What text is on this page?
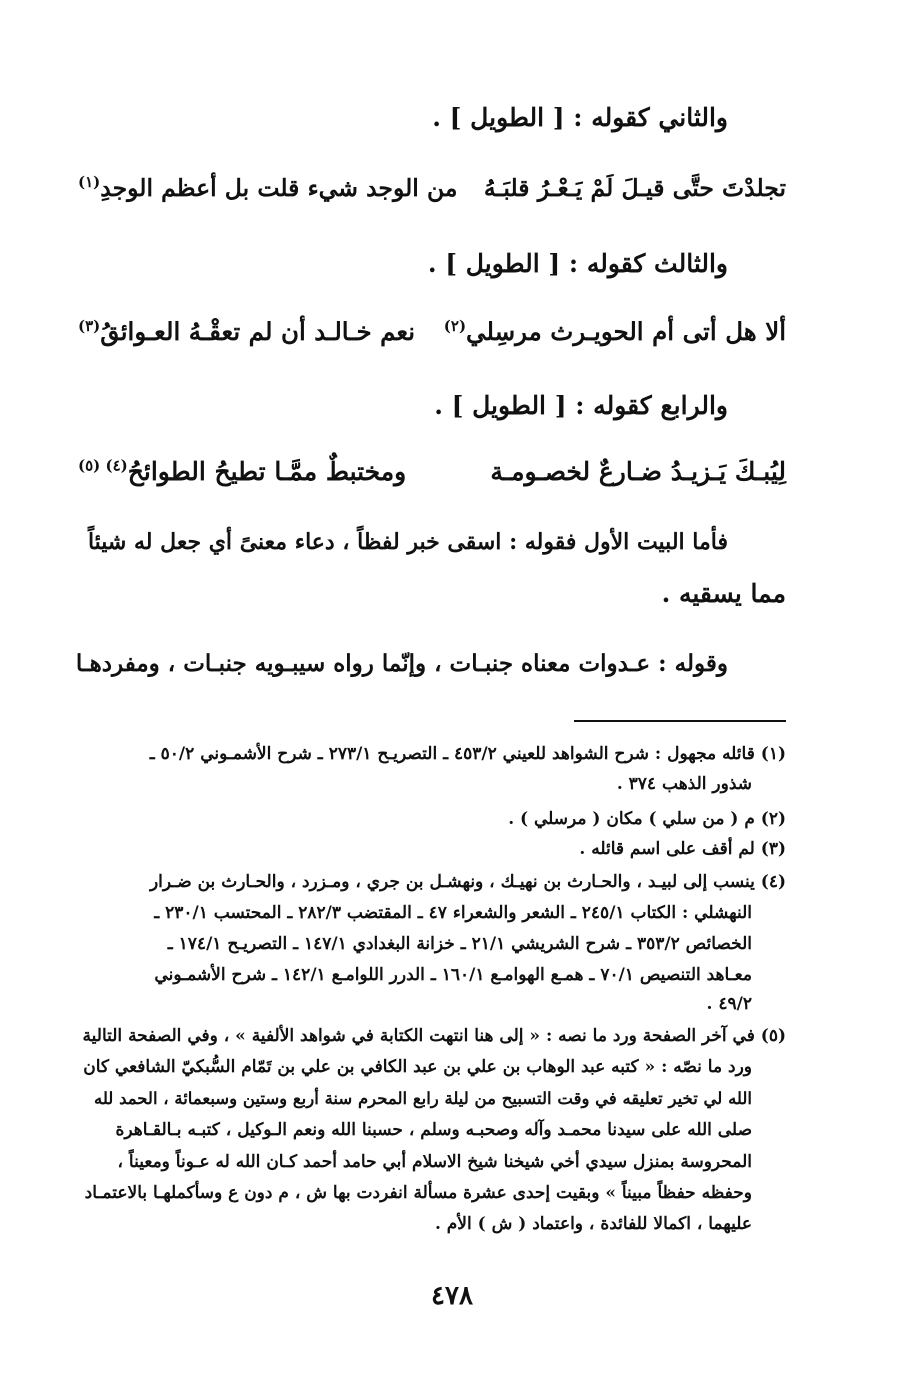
والثاني كقوله : [ الطويل ] .
تجلدْتَ حتَّى قيـلَ لَمْ يَـعْـرُ قلبَـهُ
من الوجد شيء قلت بل أعظم الوجدِ$^{(١)}$
والثالث كقوله : [ الطويل ] .
ألا هل أتى أم الحويـرث مرسِلي$^{(٢)}$
نعم خـالـد أن لم تعقْـهُ العـوائقُ$^{(٣)}$
والرابع كقوله : [ الطويل ] .
لِيُبـكَ يَـزيـدُ ضـارعٌ لخصـومـة
ومختبطٌ ممَّـا تطيحُ الطوائحُ$^{(٤) (٥)}$
فأما البيت الأول فقوله : اسقى خبر لفظاً ، دعاء معنىً أي جعل له شيئاً
مما يسقيه .
وقوله : عـدوات معناه جنبـات ، وإنّما رواه سيبـويه جنبـات ، ومفردهـا
(١) قائله مجهول : شرح الشواهد للعيني ٤٥٣/٢ ـ التصريـح ٢٧٣/١ ـ شرح الأشمـوني ٥٠/٢ ـ
شذور الذهب ٣٧٤ .
(٢) م ( من سلي ) مكان ( مرسلي ) .
(٣) لم أقف على اسم قائله .
(٤) ينسب إلى لبيـد ، والحـارث بن نهيـك ، ونهشـل بن جري ، ومـزرد ، والحـارث بن ضـرار
النهشلي : الكتاب ٢٤٥/١ ـ الشعر والشعراء ٤٧ ـ المقتضب ٢٨٢/٣ ـ المحتسب ٢٣٠/١ ـ
الخصائص ٣٥٣/٢ ـ شرح الشريشي ٢١/١ ـ خزانة البغدادي ١٤٧/١ ـ التصريـح ١٧٤/١ ـ
معـاهد التنصيص ٧٠/١ ـ همـع الهوامـع ١٦٠/١ ـ الدرر اللوامـع ١٤٢/١ ـ شرح الأشمـوني
٤٩/٢ .
(٥) في آخر الصفحة ورد ما نصه : « إلى هنا انتهت الكتابة في شواهد الألفية » ، وفي الصفحة التالية
ورد ما نصّه : « كتبه عبد الوهاب بن علي بن عبد الكافي بن علي بن تَمّام السُّبكيّ الشافعي كان
الله لي تخير تعليقه في وقت التسبيح من ليلة رابع المحرم سنة أربع وستين وسبعمائة ، الحمد لله
صلى الله على سيدنا محمـد وآله وصحبـه وسلم ، حسبنا الله ونعم الـوكيل ، كتبـه بـالقـاهرة
المحروسة بمنزل سيدي أخي شيخنا شيخ الاسلام أبي حامد أحمد كـان الله له عـوناً ومعيناً ،
وحفظه حفظاً مبيناً » وبقيت إحدى عشرة مسألة انفردت بها ش ، م دون ع وسأكملهـا بالاعتمـاد
عليهما ، اكمالا للفائدة ، واعتماد ( ش ) الأم .
٤٧٨
